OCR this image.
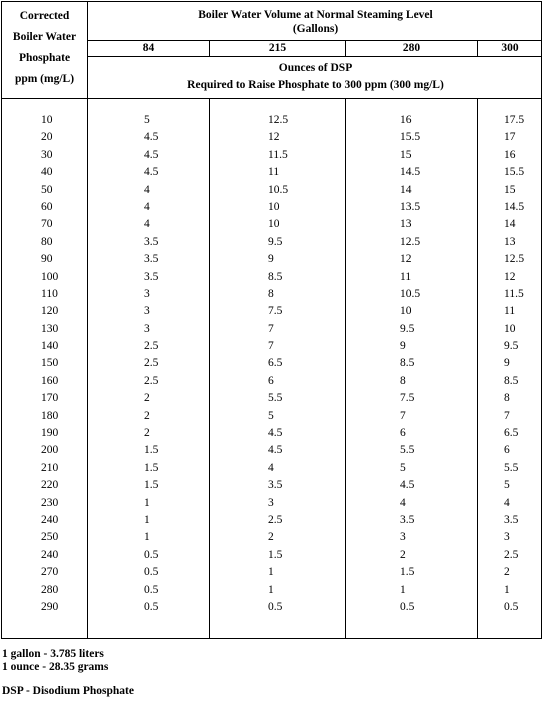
Corrected
Boiler Water
Phosphate
ppm (mg/L)
Boiler Water Volume at Normal Steaming Level
(Gallons)
84	215	280	300
Ounces of DSP
Required to Raise Phosphate to 300 ppm (300 mg/L)
10	5	12.5	16	17.5
20	4.5	12	15.5	17
30	4.5	11.5	15	16
40	4.5	11	14.5	15.5
50	4	10.5	14	15
60	4	10	13.5	14.5
70	4	10	13	14
80	3.5	9.5	12.5	13
90	3.5	9	12	12.5
100	3.5	8.5	11	12
110	3	8	10.5	11.5
120	3	7.5	10	11
130	3	7	9.5	10
140	2.5	7	9	9.5
150	2.5	6.5	8.5	9
160	2.5	6	8	8.5
170	2	5.5	7.5	8
180	2	5	7	7
190	2	4.5	6	6.5
200	1.5	4.5	5.5	6
210	1.5	4	5	5.5
220	1.5	3.5	4.5	5
230	1	3	4	4
240	1	2.5	3.5	3.5
250	1	2	3	3
240	0.5	1.5	2	2.5
270	0.5	1	1.5	2
280	0.5	1	1	1
290	0.5	0.5	0.5	0.5
1 gallon - 3.785 liters
1 ounce - 28.35 grams
DSP - Disodium Phosphate
